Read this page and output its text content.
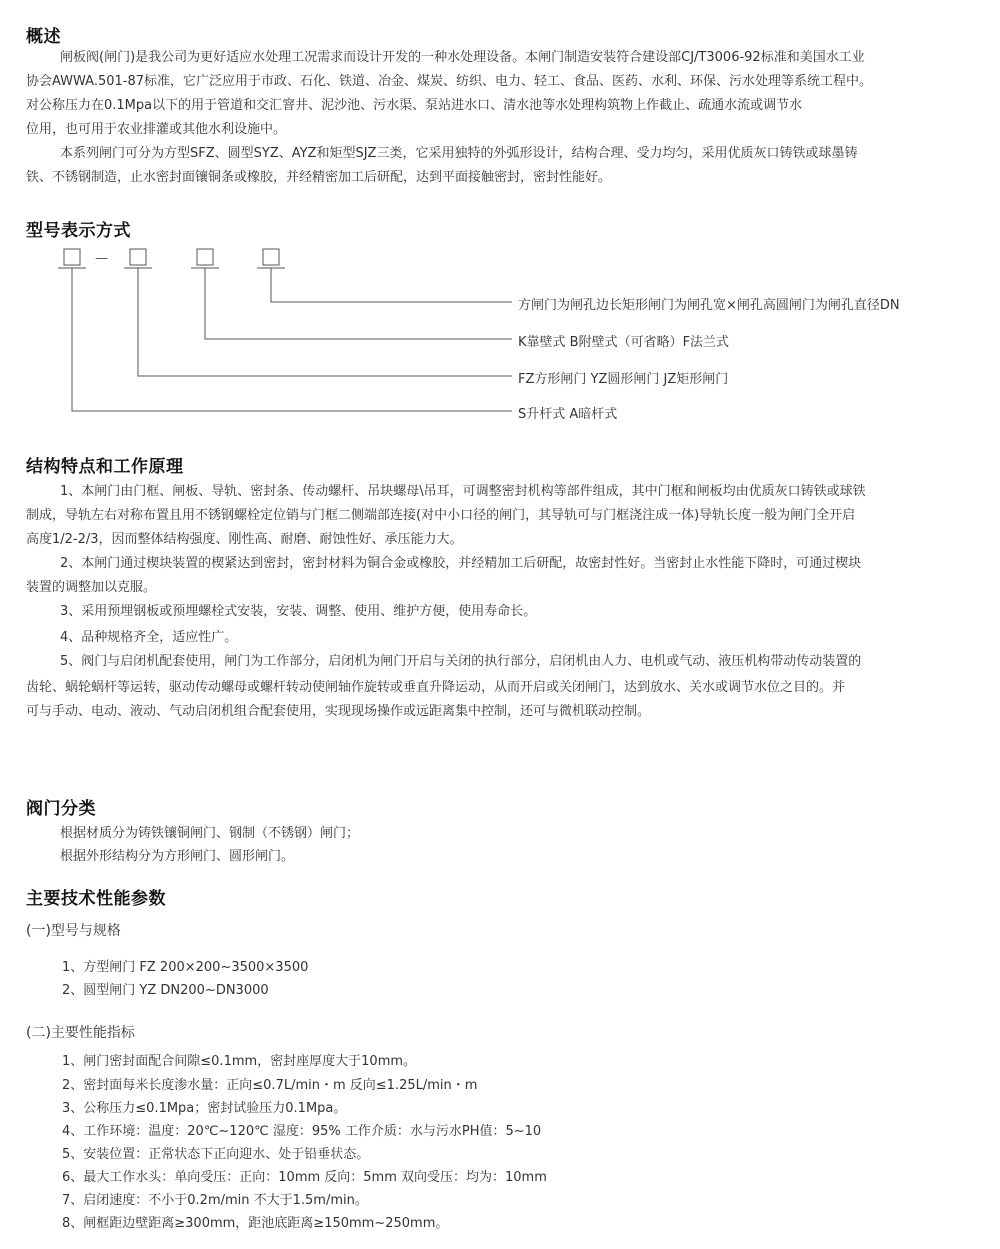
概述
闸板阀(闸门)是我公司为更好适应水处理工况需求而设计开发的一种水处理设备。本闸门制造安装符合建设部CJ/T3006-92标准和美国水工业
协会AWWA.501-87标准，它广泛应用于市政、石化、铁道、冶金、煤炭、纺织、电力、轻工、食品、医药、水利、环保、污水处理等系统工程中。
对公称压力在0.1Mpa以下的用于管道和交汇窨井、泥沙池、污水渠、泵站进水口、清水池等水处理构筑物上作截止、疏通水流或调节水
位用，也可用于农业排灌或其他水利设施中。
本系列闸门可分为方型SFZ、圆型SYZ、AYZ和矩型SJZ三类，它采用独特的外弧形设计，结构合理、受力均匀，采用优质灰口铸铁或球墨铸
铁、不锈钢制造，止水密封面镶铜条或橡胶，并经精密加工后研配，达到平面接触密封，密封性能好。
型号表示方式
—
方闸门为闸孔边长矩形闸门为闸孔宽×闸孔高圆闸门为闸孔直径DN
K靠壁式 B附壁式（可省略）F法兰式
FZ方形闸门 YZ圆形闸门 JZ矩形闸门
S升杆式 A暗杆式
结构特点和工作原理
1、本闸门由门框、闸板、导轨、密封条、传动螺杆、吊块螺母\吊耳，可调整密封机构等部件组成，其中门框和闸板均由优质灰口铸铁或球铁
制成，导轨左右对称布置且用不锈钢螺栓定位销与门框二侧端部连接(对中小口径的闸门，其导轨可与门框浇注成一体)导轨长度一般为闸门全开启
高度1/2-2/3，因而整体结构强度、刚性高、耐磨、耐蚀性好、承压能力大。
2、本闸门通过楔块装置的楔紧达到密封，密封材料为铜合金或橡胶，并经精加工后研配，故密封性好。当密封止水性能下降时，可通过楔块
装置的调整加以克服。
3、采用预埋钢板或预埋螺栓式安装，安装、调整、使用、维护方便，使用寿命长。
4、品种规格齐全，适应性广。
5、阀门与启闭机配套使用，闸门为工作部分，启闭机为闸门开启与关闭的执行部分，启闭机由人力、电机或气动、液压机构带动传动装置的
齿轮、蜗轮蜗杆等运转，驱动传动螺母或螺杆转动使闸轴作旋转或垂直升降运动，从而开启或关闭闸门，达到放水、关水或调节水位之目的。并
可与手动、电动、液动、气动启闭机组合配套使用，实现现场操作或远距离集中控制，还可与微机联动控制。
阀门分类
根据材质分为铸铁镶铜闸门、钢制（不锈钢）闸门；
根据外形结构分为方形闸门、圆形闸门。
主要技术性能参数
(一)型号与规格
1、方型闸门 FZ 200×200~3500×3500
2、圆型闸门 YZ DN200~DN3000
(二)主要性能指标
1、闸门密封面配合间隙≤0.1mm，密封座厚度大于10mm。
2、密封面每米长度渗水量：正向≤0.7L/min・m 反向≤1.25L/min・m
3、公称压力≤0.1Mpa；密封试验压力0.1Mpa。
4、工作环境：温度：20℃~120℃ 湿度：95% 工作介质：水与污水PH值：5~10
5、安装位置：正常状态下正向迎水、处于铅垂状态。
6、最大工作水头：单向受压：正向：10mm 反向：5mm 双向受压：均为：10mm
7、启闭速度：不小于0.2m/min 不大于1.5m/min。
8、闸框距边壁距离≥300mm，距池底距离≥150mm~250mm。
